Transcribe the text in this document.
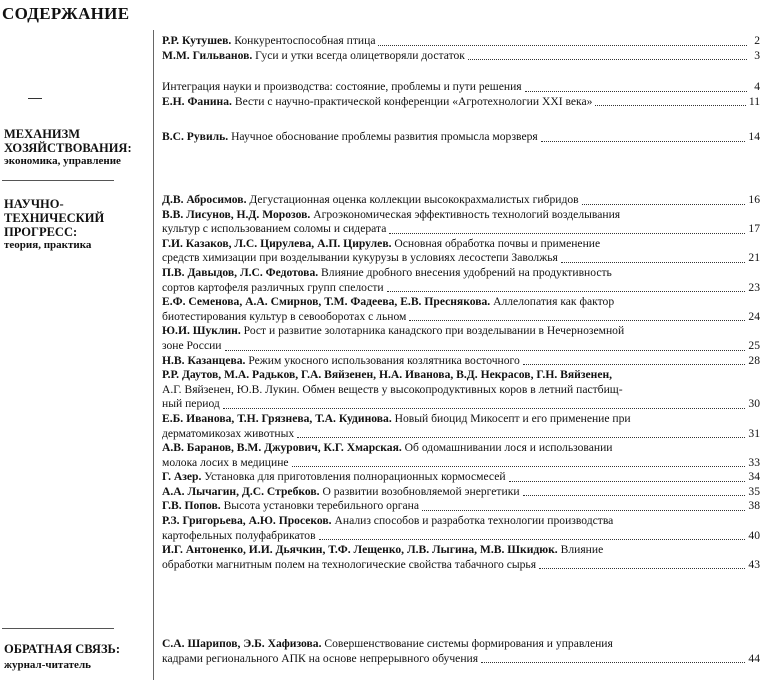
СОДЕРЖАНИЕ
МЕХАНИЗМ
ХОЗЯЙСТВОВАНИЯ:
экономика, управление
НАУЧНО-
ТЕХНИЧЕСКИЙ
ПРОГРЕСС:
теория, практика
ОБРАТНАЯ СВЯЗЬ:
журнал-читатель
Р.Р. Кутушев. Конкурентоспособная птица	2
М.М. Гильванов. Гуси и утки всегда олицетворяли достаток	3
Интеграция науки и производства: состояние, проблемы и пути решения	4
Е.Н. Фанина. Вести с научно-практической конференции «Агротехнологии XXI века»	11
В.С. Рувиль. Научное обоснование проблемы развития промысла морзверя	14
Д.В. Абросимов. Дегустационная оценка коллекции высококрахмалистых гибридов	16
В.В. Лисунов, Н.Д. Морозов. Агроэкономическая эффективность технологий возделывания
культур с использованием соломы и сидерата	17
Г.И. Казаков, Л.С. Цирулева, А.П. Цирулев. Основная обработка почвы и применение
средств химизации при возделывании кукурузы в условиях лесостепи Заволжья	21
П.В. Давыдов, Л.С. Федотова. Влияние дробного внесения удобрений на продуктивность
сортов картофеля различных групп спелости	23
Е.Ф. Семенова, А.А. Смирнов, Т.М. Фадеева, Е.В. Преснякова. Аллелопатия как фактор
биотестирования культур в севооборотах с льном	24
Ю.И. Шуклин. Рост и развитие золотарника канадского при возделывании в Нечерноземной
зоне России	25
Н.В. Казанцева. Режим укосного использования козлятника восточного	28
Р.Р. Даутов, М.А. Радьков, Г.А. Вяйзенен, Н.А. Иванова, В.Д. Некрасов, Г.Н. Вяйзенен,
А.Г. Вяйзенен, Ю.В. Лукин. Обмен веществ у высокопродуктивных коров в летний пастбищ-
ный период	30
Е.Б. Иванова, Т.Н. Грязнева, Т.А. Кудинова. Новый биоцид Микосепт и его применение при
дерматомикозах животных	31
А.В. Баранов, В.М. Джурович, К.Г. Хмарская. Об одомашнивании лося и использовании
молока лосих в медицине	33
Г. Азер. Установка для приготовления полнорационных кормосмесей	34
А.А. Лычагин, Д.С. Стребков. О развитии возобновляемой энергетики	35
Г.В. Попов. Высота установки теребильного органа	38
Р.З. Григорьева, А.Ю. Просеков. Анализ способов и разработка технологии производства
картофельных полуфабрикатов	40
И.Г. Антоненко, И.И. Дьячкин, Т.Ф. Лещенко, Л.В. Лыгина, М.В. Шкидюк. Влияние
обработки магнитным полем на технологические свойства табачного сырья	43
С.А. Шарипов, Э.Б. Хафизова. Совершенствование системы формирования и управления
кадрами регионального АПК на основе непрерывного обучения	44
